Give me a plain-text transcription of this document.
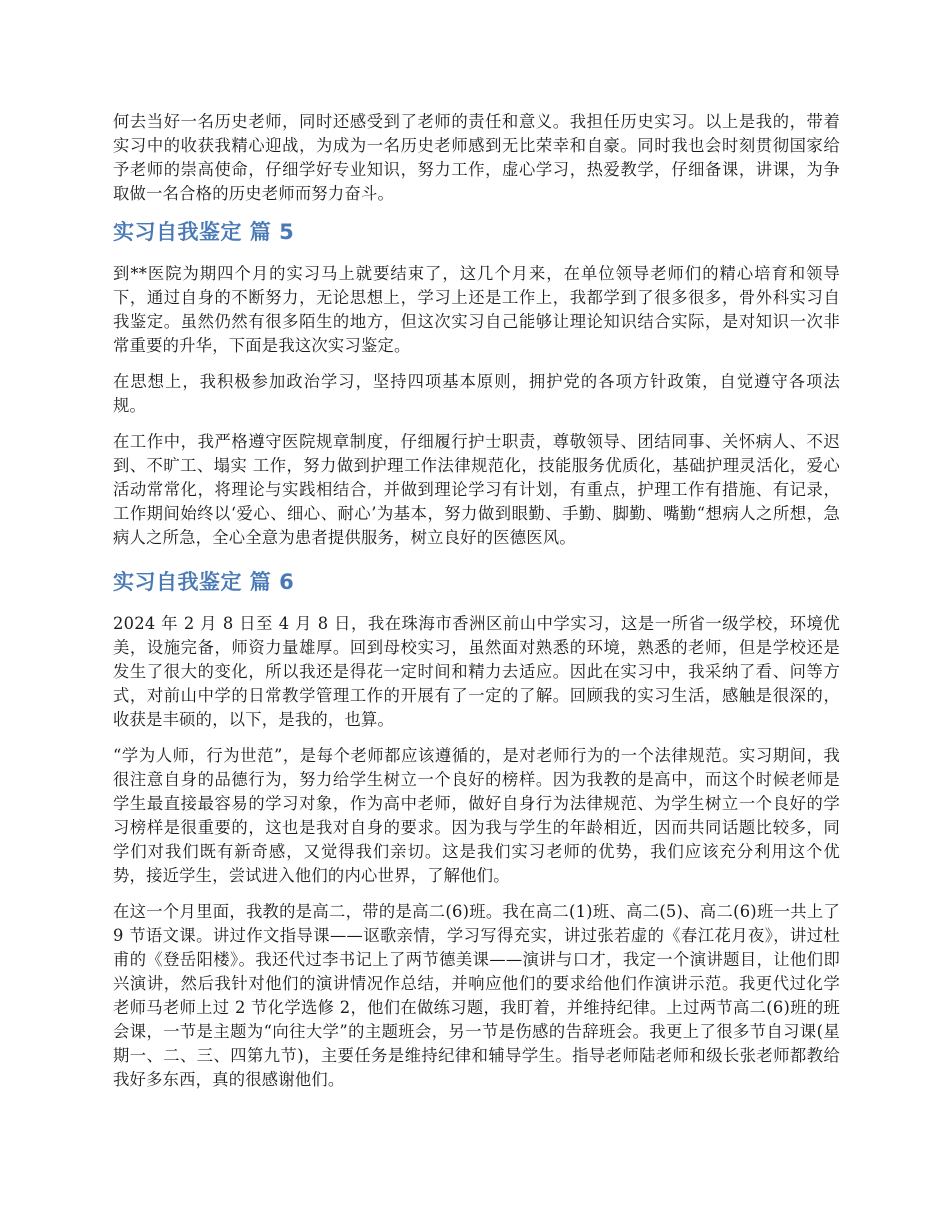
何去当好一名历史老师，同时还感受到了老师的责任和意义。我担任历史实习。以上是我的，带着实习中的收获我精心迎战，为成为一名历史老师感到无比荣幸和自豪。同时我也会时刻贯彻国家给予老师的崇高使命，仔细学好专业知识，努力工作，虚心学习，热爱教学，仔细备课，讲课，为争取做一名合格的历史老师而努力奋斗。

实习自我鉴定 篇 5

到**医院为期四个月的实习马上就要结束了，这几个月来，在单位领导老师们的精心培育和领导下，通过自身的不断努力，无论思想上，学习上还是工作上，我都学到了很多很多，骨外科实习自我鉴定。虽然仍然有很多陌生的地方，但这次实习自己能够让理论知识结合实际，是对知识一次非常重要的升华，下面是我这次实习鉴定。

在思想上，我积极参加政治学习，坚持四项基本原则，拥护党的各项方针政策，自觉遵守各项法规。

在工作中，我严格遵守医院规章制度，仔细履行护士职责，尊敬领导、团结同事、关怀病人、不迟到、不旷工、塌实 工作，努力做到护理工作法律规范化，技能服务优质化，基础护理灵活化，爱心活动常常化，将理论与实践相结合，并做到理论学习有计划，有重点，护理工作有措施、有记录，工作期间始终以‘爱心、细心、耐心’为基本，努力做到眼勤、手勤、脚勤、嘴勤“想病人之所想，急病人之所急，全心全意为患者提供服务，树立良好的医德医风。

实习自我鉴定 篇 6

2024 年 2 月 8 日至 4 月 8 日，我在珠海市香洲区前山中学实习，这是一所省一级学校，环境优美，设施完备，师资力量雄厚。回到母校实习，虽然面对熟悉的环境，熟悉的老师，但是学校还是发生了很大的变化，所以我还是得花一定时间和精力去适应。因此在实习中，我采纳了看、问等方式，对前山中学的日常教学管理工作的开展有了一定的了解。回顾我的实习生活，感触是很深的，收获是丰硕的，以下，是我的，也算。

“学为人师，行为世范”，是每个老师都应该遵循的，是对老师行为的一个法律规范。实习期间，我很注意自身的品德行为，努力给学生树立一个良好的榜样。因为我教的是高中，而这个时候老师是学生最直接最容易的学习对象，作为高中老师，做好自身行为法律规范、为学生树立一个良好的学习榜样是很重要的，这也是我对自身的要求。因为我与学生的年龄相近，因而共同话题比较多，同学们对我们既有新奇感，又觉得我们亲切。这是我们实习老师的优势，我们应该充分利用这个优势，接近学生，尝试进入他们的内心世界，了解他们。

在这一个月里面，我教的是高二，带的是高二(6)班。我在高二(1)班、高二(5)、高二(6)班一共上了 9 节语文课。讲过作文指导课——讴歌亲情，学习写得充实，讲过张若虚的《春江花月夜》，讲过杜甫的《登岳阳楼》。我还代过李书记上了两节德美课——演讲与口才，我定一个演讲题目，让他们即兴演讲，然后我针对他们的演讲情况作总结，并响应他们的要求给他们作演讲示范。我更代过化学老师马老师上过 2 节化学选修 2，他们在做练习题，我盯着，并维持纪律。上过两节高二(6)班的班会课，一节是主题为“向往大学”的主题班会，另一节是伤感的告辞班会。我更上了很多节自习课(星期一、二、三、四第九节)，主要任务是维持纪律和辅导学生。指导老师陆老师和级长张老师都教给我好多东西，真的很感谢他们。
